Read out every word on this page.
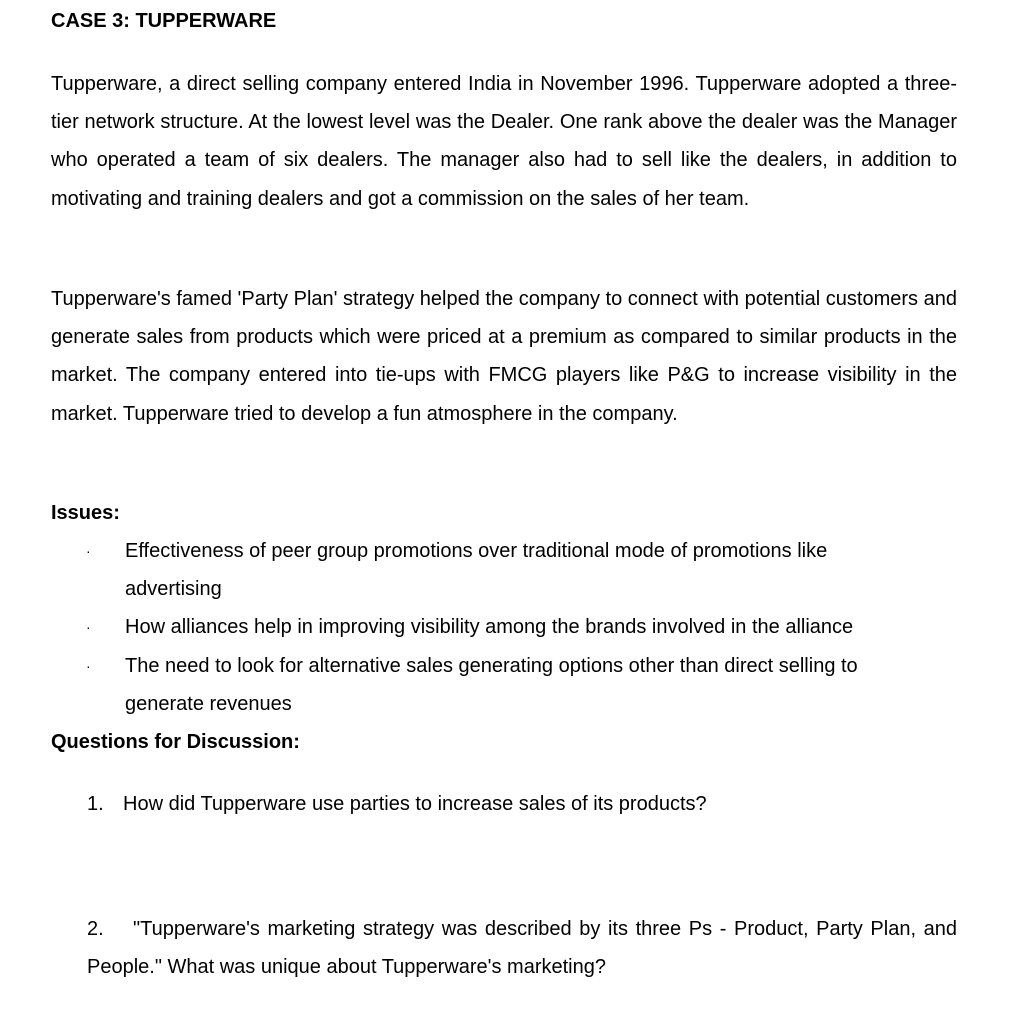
CASE 3: TUPPERWARE

Tupperware, a direct selling company entered India in November 1996. Tupperware adopted a three-tier network structure. At the lowest level was the Dealer. One rank above the dealer was the Manager who operated a team of six dealers. The manager also had to sell like the dealers, in addition to motivating and training dealers and got a commission on the sales of her team.

Tupperware's famed 'Party Plan' strategy helped the company to connect with potential customers and generate sales from products which were priced at a premium as compared to similar products in the market. The company entered into tie-ups with FMCG players like P&G to increase visibility in the market. Tupperware tried to develop a fun atmosphere in the company.

Issues:
· Effectiveness of peer group promotions over traditional mode of promotions like advertising
· How alliances help in improving visibility among the brands involved in the alliance
· The need to look for alternative sales generating options other than direct selling to generate revenues
Questions for Discussion:

1. How did Tupperware use parties to increase sales of its products?

2. "Tupperware's marketing strategy was described by its three Ps - Product, Party Plan, and People." What was unique about Tupperware's marketing?
